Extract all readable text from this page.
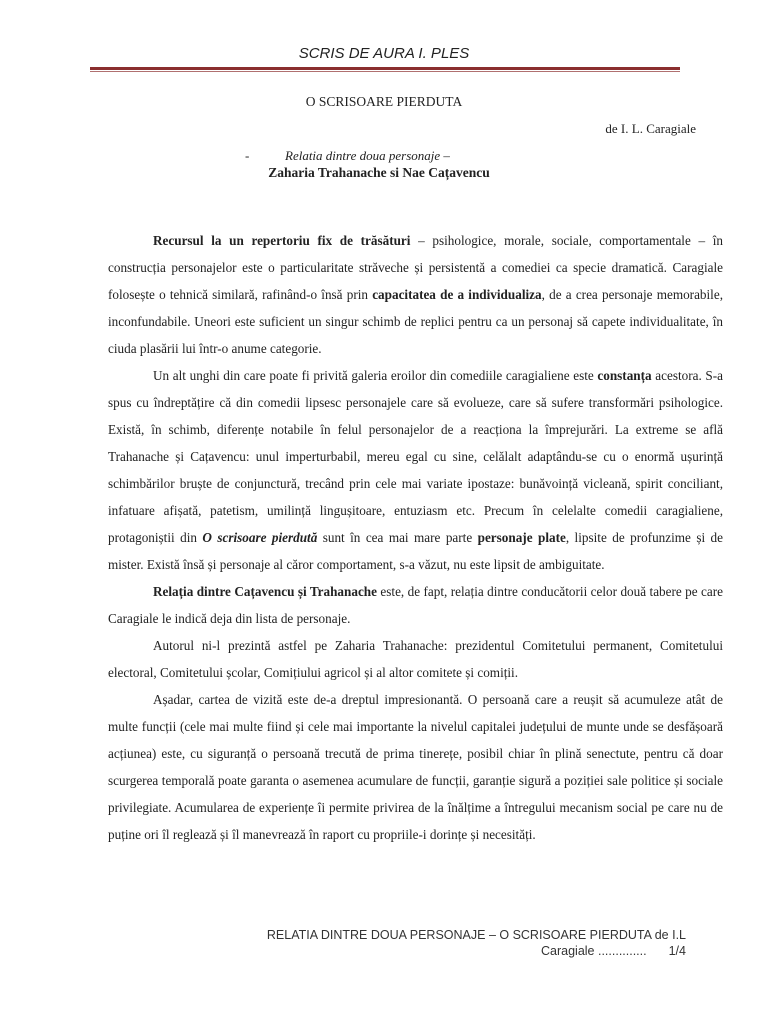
SCRIS DE AURA I. PLES
O SCRISOARE PIERDUTA
de I. L. Caragiale
-	Relatia dintre doua personaje –
Zaharia Trahanache si Nae Cațavencu

Recursul la un repertoriu fix de trăsături – psihologice, morale, sociale, comportamentale – în construcția personajelor este o particularitate străveche și persistentă a comediei ca specie dramatică. Caragiale folosește o tehnică similară, rafinând-o însă prin capacitatea de a individualiza, de a crea personaje memorabile, inconfundabile. Uneori este suficient un singur schimb de replici pentru ca un personaj să capete individualitate, în ciuda plasării lui într-o anume categorie.

Un alt unghi din care poate fi privită galeria eroilor din comediile caragialiene este constanța acestora. S-a spus cu îndreptățire că din comedii lipsesc personajele care să evolueze, care să sufere transformări psihologice. Există, în schimb, diferențe notabile în felul personajelor de a reacționa la împrejurări. La extreme se află Trahanache și Cațavencu: unul imperturbabil, mereu egal cu sine, celălalt adaptându-se cu o enormă ușurință schimbărilor bruște de conjunctură, trecând prin cele mai variate ipostaze: bunăvoință vicleană, spirit conciliant, infatuare afișată, patetism, umilință lingușitoare, entuziasm etc. Precum în celelalte comedii caragialiene, protagoniștii din O scrisoare pierdută sunt în cea mai mare parte personaje plate, lipsite de profunzime și de mister. Există însă și personaje al căror comportament, s-a văzut, nu este lipsit de ambiguitate.

Relația dintre Cațavencu și Trahanache este, de fapt, relația dintre conducătorii celor două tabere pe care Caragiale le indică deja din lista de personaje.

Autorul ni-l prezintă astfel pe Zaharia Trahanache: prezidentul Comitetului permanent, Comitetului electoral, Comitetului școlar, Comițiului agricol și al altor comitete și comiții.

Așadar, cartea de vizită este de-a dreptul impresionantă. O persoană care a reușit să acumuleze atât de multe funcții (cele mai multe fiind și cele mai importante la nivelul capitalei județului de munte unde se desfășoară acțiunea) este, cu siguranță o persoană trecută de prima tinerețe, posibil chiar în plină senectute, pentru că doar scurgerea temporală poate garanta o asemenea acumulare de funcții, garanție sigură a poziției sale politice și sociale privilegiate. Acumularea de experiențe îi permite privirea de la înălțime a întregului mecanism social pe care nu de puține ori îl reglează și îl manevrează în raport cu propriile-i dorințe și necesități.

RELATIA DINTRE DOUA PERSONAJE – O SCRISOARE PIERDUTA de I.L
Caragiale .............. 1/4
